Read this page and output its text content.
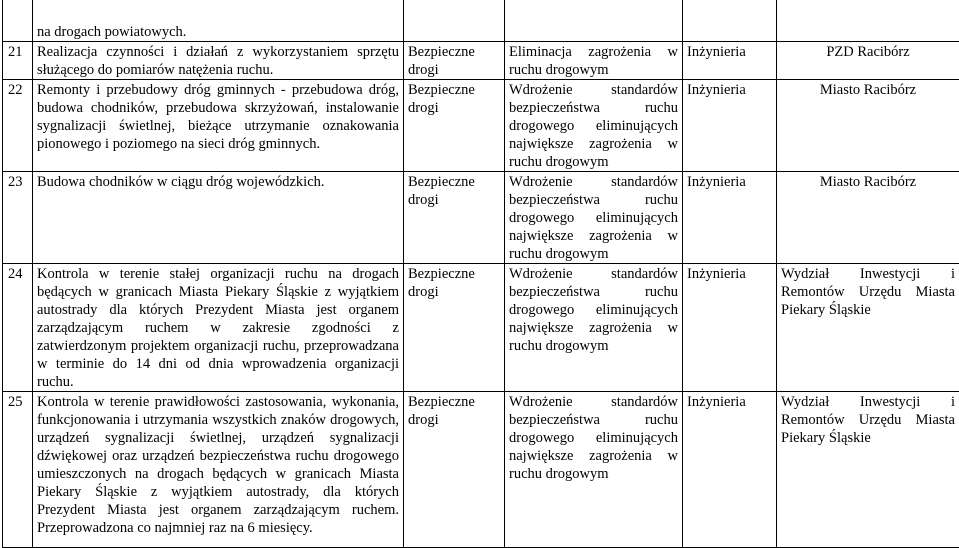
	na drogach powiatowych.				
21	Realizacja czynności i działań z wykorzystaniem sprzętu służącego do pomiarów natężenia ruchu.	Bezpieczne drogi	Eliminacja zagrożenia w ruchu drogowym	Inżynieria	PZD Racibórz
22	Remonty i przebudowy dróg gminnych - przebudowa dróg, budowa chodników, przebudowa skrzyżowań, instalowanie sygnalizacji świetlnej, bieżące utrzymanie oznakowania pionowego i poziomego na sieci dróg gminnych.	Bezpieczne drogi	Wdrożenie standardów bezpieczeństwa ruchu drogowego eliminujących największe zagrożenia w ruchu drogowym	Inżynieria	Miasto Racibórz
23	Budowa chodników w ciągu dróg wojewódzkich.	Bezpieczne drogi	Wdrożenie standardów bezpieczeństwa ruchu drogowego eliminujących największe zagrożenia w ruchu drogowym	Inżynieria	Miasto Racibórz
24	Kontrola w terenie stałej organizacji ruchu na drogach będących w granicach Miasta Piekary Śląskie z wyjątkiem autostrady dla których Prezydent Miasta jest organem zarządzającym ruchem w zakresie zgodności z zatwierdzonym projektem organizacji ruchu, przeprowadzana w terminie do 14 dni od dnia wprowadzenia organizacji ruchu.	Bezpieczne drogi	Wdrożenie standardów bezpieczeństwa ruchu drogowego eliminujących największe zagrożenia w ruchu drogowym	Inżynieria	Wydział Inwestycji i Remontów Urzędu Miasta Piekary Śląskie
25	Kontrola w terenie prawidłowości zastosowania, wykonania, funkcjonowania i utrzymania wszystkich znaków drogowych, urządzeń sygnalizacji świetlnej, urządzeń sygnalizacji dźwiękowej oraz urządzeń bezpieczeństwa ruchu drogowego umieszczonych na drogach będących w granicach Miasta Piekary Śląskie z wyjątkiem autostrady, dla których Prezydent Miasta jest organem zarządzającym ruchem. Przeprowadzona co najmniej raz na 6 miesięcy.	Bezpieczne drogi	Wdrożenie standardów bezpieczeństwa ruchu drogowego eliminujących największe zagrożenia w ruchu drogowym	Inżynieria	Wydział Inwestycji i Remontów Urzędu Miasta Piekary Śląskie
